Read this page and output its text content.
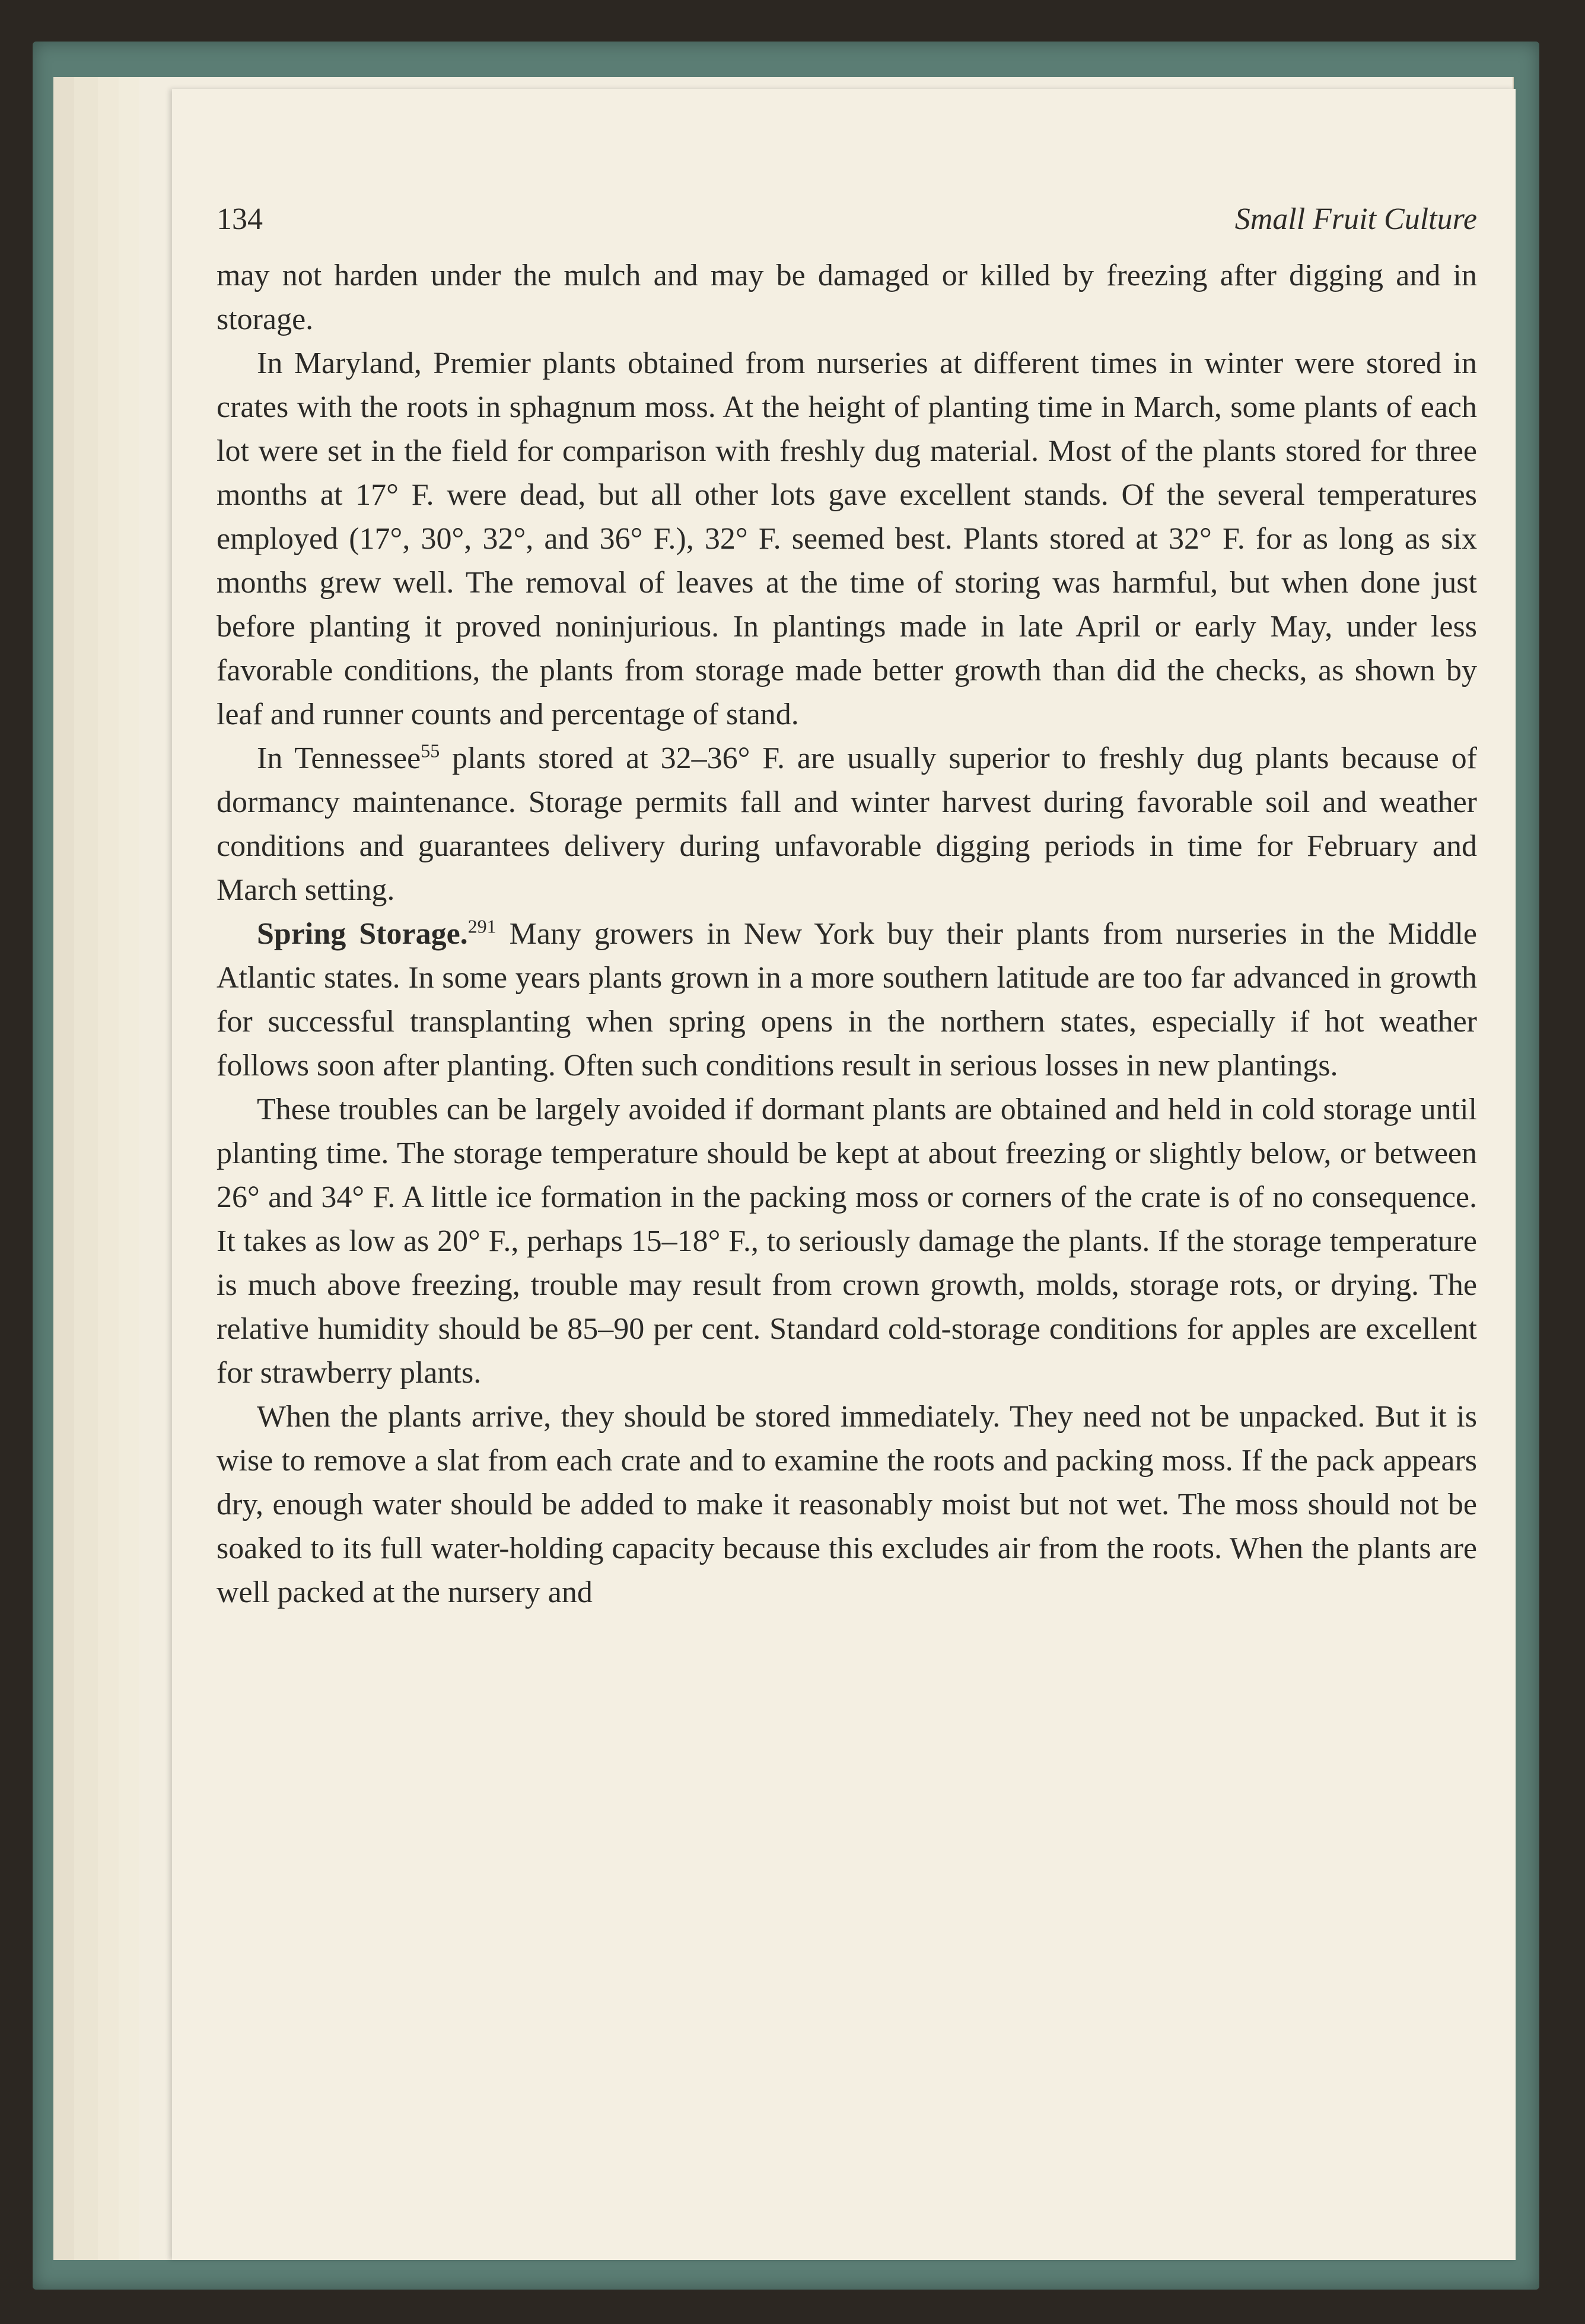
134	Small Fruit Culture

may not harden under the mulch and may be damaged or killed by freezing after digging and in storage.

In Maryland, Premier plants obtained from nurseries at different times in winter were stored in crates with the roots in sphagnum moss. At the height of planting time in March, some plants of each lot were set in the field for comparison with freshly dug material. Most of the plants stored for three months at 17° F. were dead, but all other lots gave excellent stands. Of the several temperatures employed (17°, 30°, 32°, and 36° F.), 32° F. seemed best. Plants stored at 32° F. for as long as six months grew well. The removal of leaves at the time of storing was harmful, but when done just before planting it proved noninjurious. In plantings made in late April or early May, under less favorable conditions, the plants from storage made better growth than did the checks, as shown by leaf and runner counts and percentage of stand.

In Tennessee$^{55}$ plants stored at 32–36° F. are usually superior to freshly dug plants because of dormancy maintenance. Storage permits fall and winter harvest during favorable soil and weather conditions and guarantees delivery during unfavorable digging periods in time for February and March setting.

Spring Storage.$^{291}$ Many growers in New York buy their plants from nurseries in the Middle Atlantic states. In some years plants grown in a more southern latitude are too far advanced in growth for successful transplanting when spring opens in the northern states, especially if hot weather follows soon after planting. Often such conditions result in serious losses in new plantings.

These troubles can be largely avoided if dormant plants are obtained and held in cold storage until planting time. The storage temperature should be kept at about freezing or slightly below, or between 26° and 34° F. A little ice formation in the packing moss or corners of the crate is of no consequence. It takes as low as 20° F., perhaps 15–18° F., to seriously damage the plants. If the storage temperature is much above freezing, trouble may result from crown growth, molds, storage rots, or drying. The relative humidity should be 85–90 per cent. Standard cold-storage conditions for apples are excellent for strawberry plants.

When the plants arrive, they should be stored immediately. They need not be unpacked. But it is wise to remove a slat from each crate and to examine the roots and packing moss. If the pack appears dry, enough water should be added to make it reasonably moist but not wet. The moss should not be soaked to its full water-holding capacity because this excludes air from the roots. When the plants are well packed at the nursery and
